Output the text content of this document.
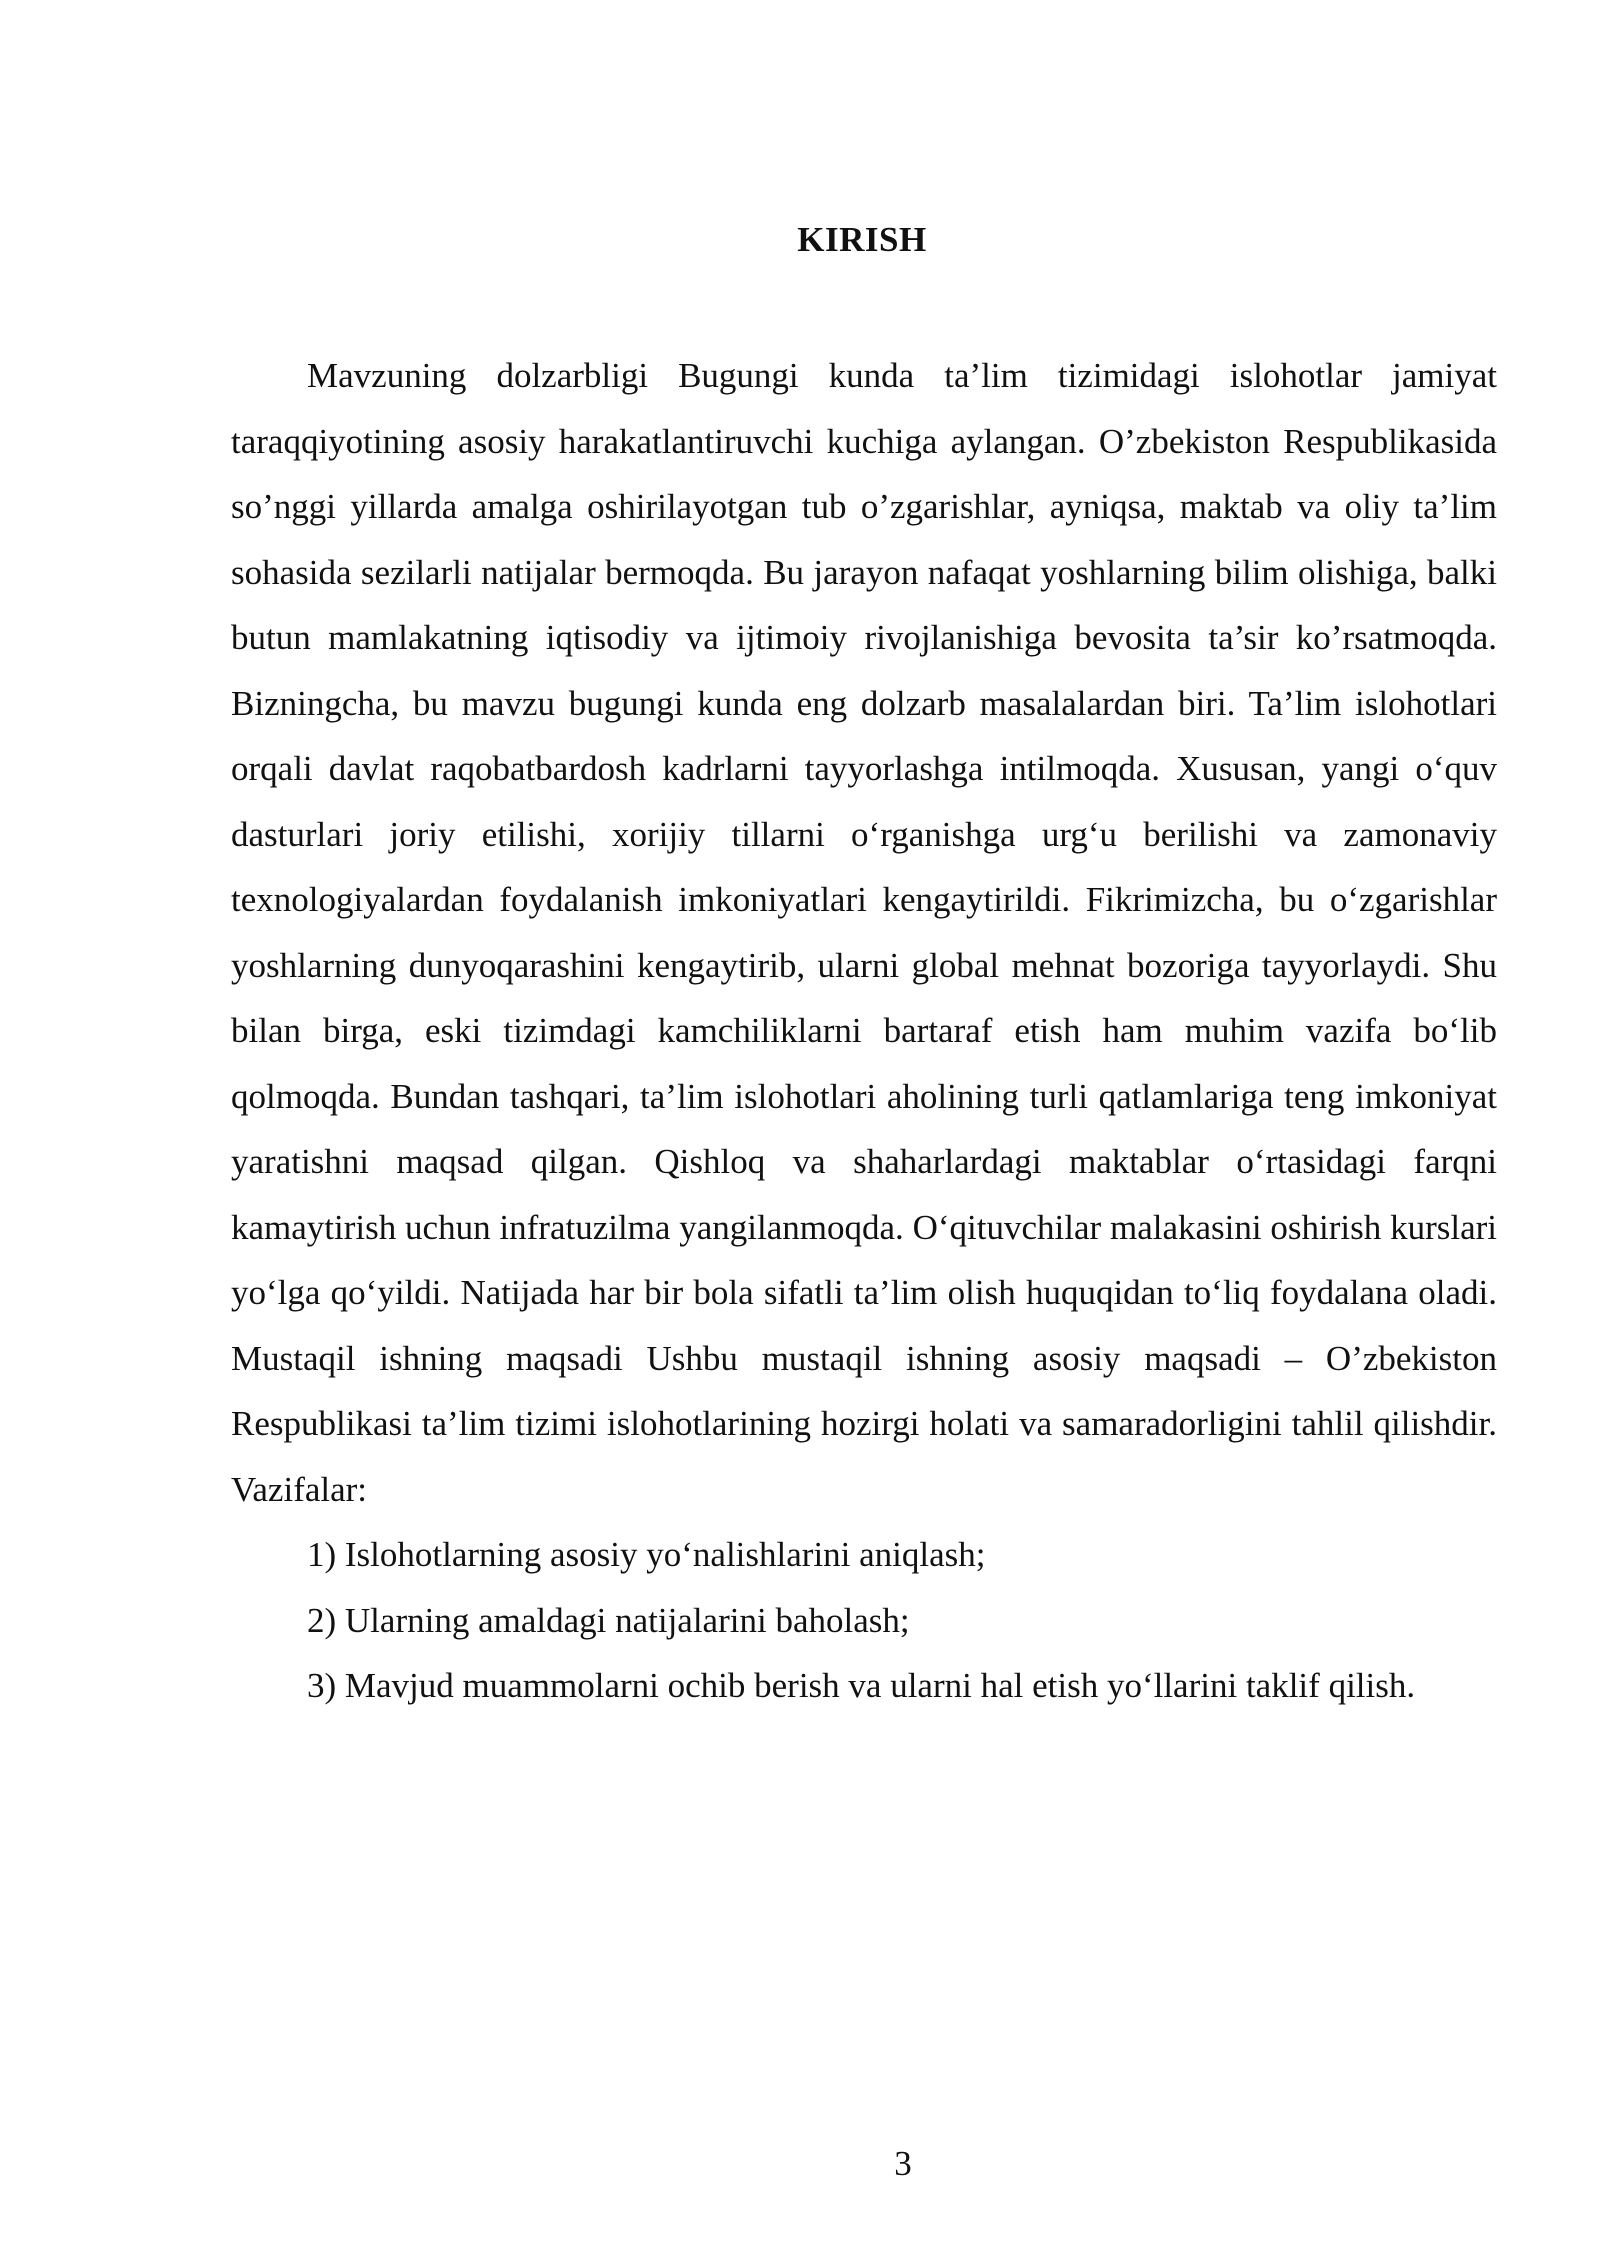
KIRISH

Mavzuning dolzarbligi Bugungi kunda ta’lim tizimidagi islohotlar jamiyat taraqqiyotining asosiy harakatlantiruvchi kuchiga aylangan. O’zbekiston Respublikasida so’nggi yillarda amalga oshirilayotgan tub o’zgarishlar, ayniqsa, maktab va oliy ta’lim sohasida sezilarli natijalar bermoqda. Bu jarayon nafaqat yoshlarning bilim olishiga, balki butun mamlakatning iqtisodiy va ijtimoiy rivojlanishiga bevosita ta’sir ko’rsatmoqda. Bizningcha, bu mavzu bugungi kunda eng dolzarb masalalardan biri. Ta’lim islohotlari orqali davlat raqobatbardosh kadrlarni tayyorlashga intilmoqda. Xususan, yangi o‘quv dasturlari joriy etilishi, xorijiy tillarni o‘rganishga urg‘u berilishi va zamonaviy texnologiyalardan foydalanish imkoniyatlari kengaytirildi. Fikrimizcha, bu o‘zgarishlar yoshlarning dunyoqarashini kengaytirib, ularni global mehnat bozoriga tayyorlaydi. Shu bilan birga, eski tizimdagi kamchiliklarni bartaraf etish ham muhim vazifa bo‘lib qolmoqda. Bundan tashqari, ta’lim islohotlari aholining turli qatlamlariga teng imkoniyat yaratishni maqsad qilgan. Qishloq va shaharlardagi maktablar o‘rtasidagi farqni kamaytirish uchun infratuzilma yangilanmoqda. O‘qituvchilar malakasini oshirish kurslari yo‘lga qo‘yildi. Natijada har bir bola sifatli ta’lim olish huquqidan to‘liq foydalana oladi. Mustaqil ishning maqsadi Ushbu mustaqil ishning asosiy maqsadi – O’zbekiston Respublikasi ta’lim tizimi islohotlarining hozirgi holati va samaradorligini tahlil qilishdir. Vazifalar:

1) Islohotlarning asosiy yo‘nalishlarini aniqlash;

2) Ularning amaldagi natijalarini baholash;

3) Mavjud muammolarni ochib berish va ularni hal etish yo‘llarini taklif qilish.

3
